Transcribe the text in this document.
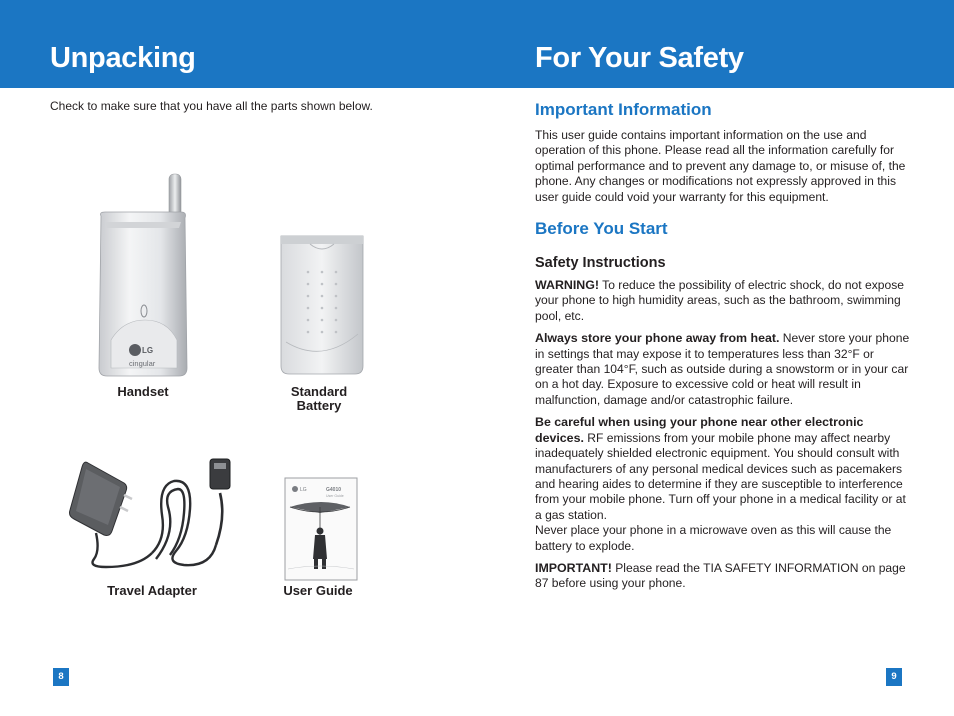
Unpacking	For Your Safety

Check to make sure that you have all the parts shown below.

LG
cingular
Handset	Standard
Battery
Travel Adapter
LG	G4010
User Guide
User Guide
8
Important Information

This user guide contains important information on the use and operation of this phone. Please read all the information carefully for optimal performance and to prevent any damage to, or misuse of, the phone. Any changes or modifications not expressly approved in this user guide could void your warranty for this equipment.

Before You Start
Safety Instructions

WARNING! To reduce the possibility of electric shock, do not expose your phone to high humidity areas, such as the bathroom, swimming pool, etc.

Always store your phone away from heat. Never store your phone in settings that may expose it to temperatures less than 32°F or greater than 104°F, such as outside during a snowstorm or in your car on a hot day. Exposure to excessive cold or heat will result in malfunction, damage and/or catastrophic failure.

Be careful when using your phone near other electronic devices. RF emissions from your mobile phone may affect nearby inadequately shielded electronic equipment. You should consult with manufacturers of any personal medical devices such as pacemakers and hearing aides to determine if they are susceptible to interference from your mobile phone. Turn off your phone in a medical facility or at a gas station.

Never place your phone in a microwave oven as this will cause the battery to explode.

IMPORTANT! Please read the TIA SAFETY INFORMATION on page 87 before using your phone.

9
